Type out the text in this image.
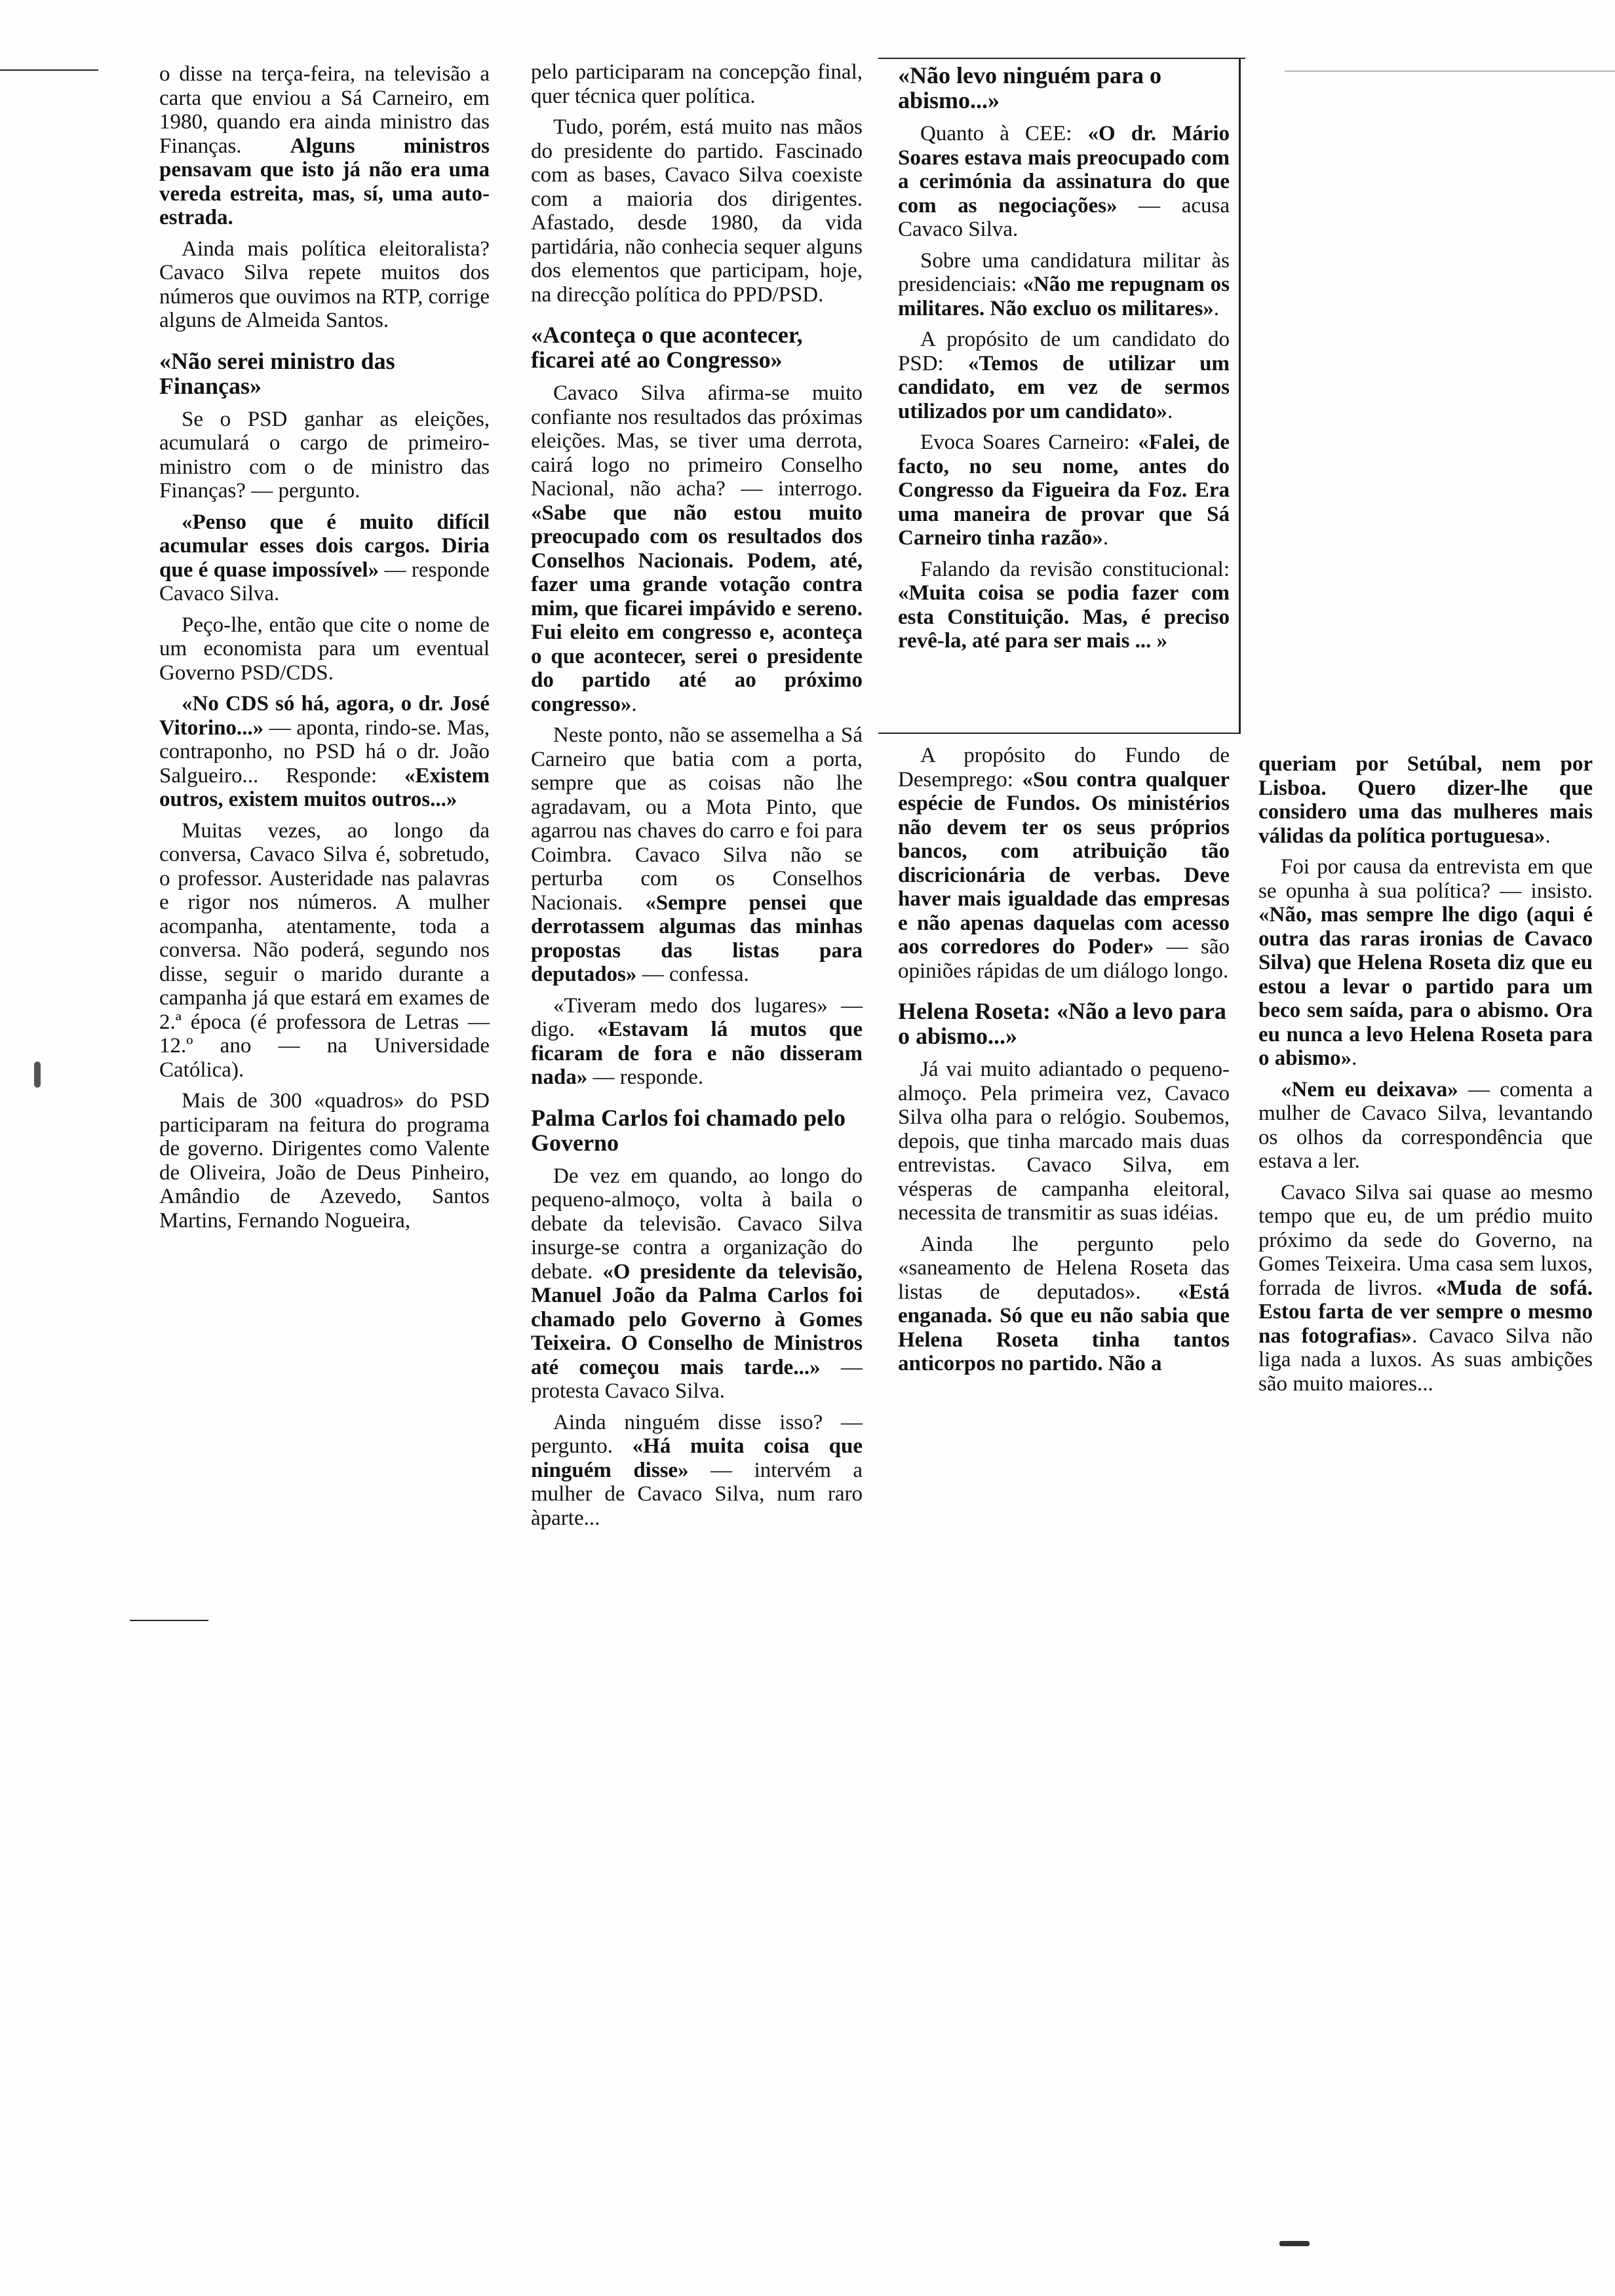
o disse na terça-feira, na televisão a carta que enviou a Sá Carneiro, em 1980, quando era ainda ministro das Finanças. Alguns ministros pensavam que isto já não era uma vereda estreita, mas, sí, uma auto-estrada.

Ainda mais política eleitoralista? Cavaco Silva repete muitos dos números que ouvimos na RTP, corrige alguns de Almeida Santos.

«Não serei ministro das Finanças»

Se o PSD ganhar as eleições, acumulará o cargo de primeiro-ministro com o de ministro das Finanças? — pergunto.

«Penso que é muito difícil acumular esses dois cargos. Diria que é quase impossível» — responde Cavaco Silva.

Peço-lhe, então que cite o nome de um economista para um eventual Governo PSD/CDS.

«No CDS só há, agora, o dr. José Vitorino...» — aponta, rindo-se. Mas, contraponho, no PSD há o dr. João Salgueiro... Responde: «Existem outros, existem muitos outros...»

Muitas vezes, ao longo da conversa, Cavaco Silva é, sobretudo, o professor. Austeridade nas palavras e rigor nos números. A mulher acompanha, atentamente, toda a conversa. Não poderá, segundo nos disse, seguir o marido durante a campanha já que estará em exames de 2.ª época (é professora de Letras — 12.º ano — na Universidade Católica).

Mais de 300 «quadros» do PSD participaram na feitura do programa de governo. Dirigentes como Valente de Oliveira, João de Deus Pinheiro, Amândio de Azevedo, Santos Martins, Fernando Nogueira,

pelo participaram na concepção final, quer técnica quer política.

Tudo, porém, está muito nas mãos do presidente do partido. Fascinado com as bases, Cavaco Silva coexiste com a maioria dos dirigentes. Afastado, desde 1980, da vida partidária, não conhecia sequer alguns dos elementos que participam, hoje, na direcção política do PPD/PSD.

«Aconteça o que acontecer, ficarei até ao Congresso»

Cavaco Silva afirma-se muito confiante nos resultados das próximas eleições. Mas, se tiver uma derrota, cairá logo no primeiro Conselho Nacional, não acha? — interrogo. «Sabe que não estou muito preocupado com os resultados dos Conselhos Nacionais. Podem, até, fazer uma grande votação contra mim, que ficarei impávido e sereno. Fui eleito em congresso e, aconteça o que acontecer, serei o presidente do partido até ao próximo congresso».

Neste ponto, não se assemelha a Sá Carneiro que batia com a porta, sempre que as coisas não lhe agradavam, ou a Mota Pinto, que agarrou nas chaves do carro e foi para Coimbra. Cavaco Silva não se perturba com os Conselhos Nacionais. «Sempre pensei que derrotassem algumas das minhas propostas das listas para deputados» — confessa.

«Tiveram medo dos lugares» — digo. «Estavam lá mutos que ficaram de fora e não disseram nada» — responde.

Palma Carlos foi chamado pelo Governo

De vez em quando, ao longo do pequeno-almoço, volta à baila o debate da televisão. Cavaco Silva insurge-se contra a organização do debate. «O presidente da televisão, Manuel João da Palma Carlos foi chamado pelo Governo à Gomes Teixeira. O Conselho de Ministros até começou mais tarde...» — protesta Cavaco Silva.

Ainda ninguém disse isso? — pergunto. «Há muita coisa que ninguém disse» — intervém a mulher de Cavaco Silva, num raro àparte...

«Não levo ninguém para o abismo...»

Quanto à CEE: «O dr. Mário Soares estava mais preocupado com a cerimónia da assinatura do que com as negociações» — acusa Cavaco Silva.

Sobre uma candidatura militar às presidenciais: «Não me repugnam os militares. Não excluo os militares».

A propósito de um candidato do PSD: «Temos de utilizar um candidato, em vez de sermos utilizados por um candidato».

Evoca Soares Carneiro: «Falei, de facto, no seu nome, antes do Congresso da Figueira da Foz. Era uma maneira de provar que Sá Carneiro tinha razão».

Falando da revisão constitucional: «Muita coisa se podia fazer com esta Constituição. Mas, é preciso revê-la, até para ser mais ... »

A propósito do Fundo de Desemprego: «Sou contra qualquer espécie de Fundos. Os ministérios não devem ter os seus próprios bancos, com atribuição tão discricionária de verbas. Deve haver mais igualdade das empresas e não apenas daquelas com acesso aos corredores do Poder» — são opiniões rápidas de um diálogo longo.

Helena Roseta: «Não a levo para o abismo...»

Já vai muito adiantado o pequeno-almoço. Pela primeira vez, Cavaco Silva olha para o relógio. Soubemos, depois, que tinha marcado mais duas entrevistas. Cavaco Silva, em vésperas de campanha eleitoral, necessita de transmitir as suas idéias.

Ainda lhe pergunto pelo «saneamento de Helena Roseta das listas de deputados». «Está enganada. Só que eu não sabia que Helena Roseta tinha tantos anticorpos no partido. Não a

queriam por Setúbal, nem por Lisboa. Quero dizer-lhe que considero uma das mulheres mais válidas da política portuguesa».

Foi por causa da entrevista em que se opunha à sua política? — insisto. «Não, mas sempre lhe digo (aqui é outra das raras ironias de Cavaco Silva) que Helena Roseta diz que eu estou a levar o partido para um beco sem saída, para o abismo. Ora eu nunca a levo Helena Roseta para o abismo».

«Nem eu deixava» — comenta a mulher de Cavaco Silva, levantando os olhos da correspondência que estava a ler.

Cavaco Silva sai quase ao mesmo tempo que eu, de um prédio muito próximo da sede do Governo, na Gomes Teixeira. Uma casa sem luxos, forrada de livros. «Muda de sofá. Estou farta de ver sempre o mesmo nas fotografias». Cavaco Silva não liga nada a luxos. As suas ambições são muito maiores...
